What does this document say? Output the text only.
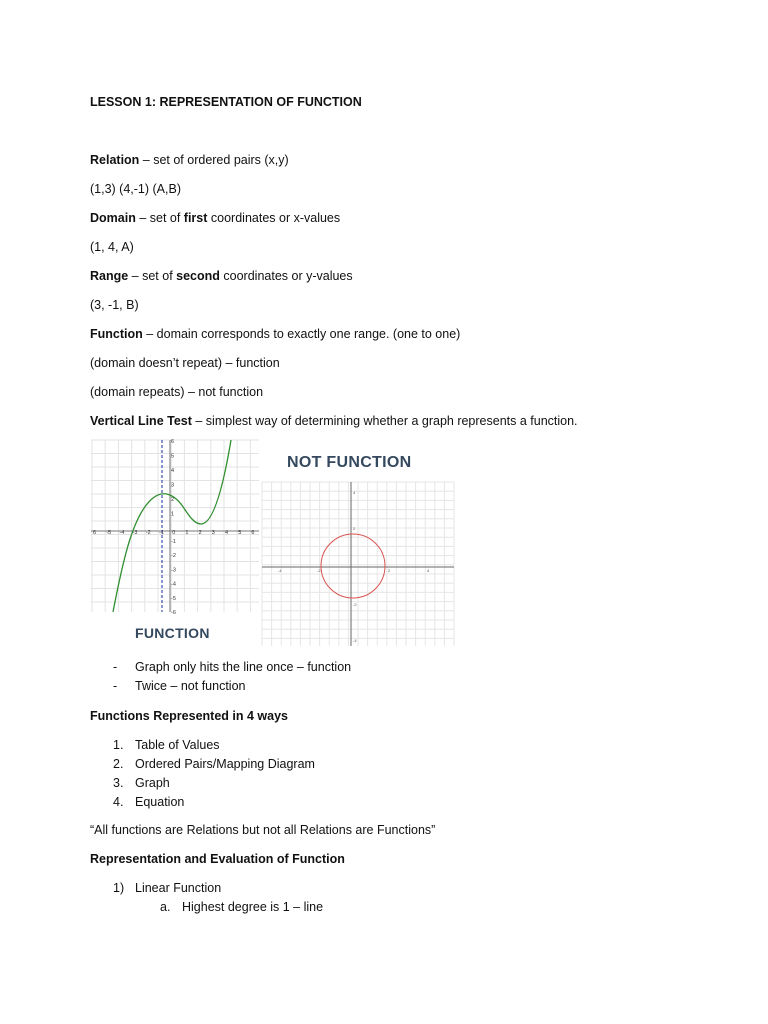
LESSON 1: REPRESENTATION OF FUNCTION
Relation – set of ordered pairs (x,y)
(1,3) (4,-1) (A,B)
Domain – set of first coordinates or x-values
(1, 4, A)
Range – set of second coordinates or y-values
(3, -1, B)
Function – domain corresponds to exactly one range. (one to one)
(domain doesn’t repeat) – function
(domain repeats) – not function
Vertical Line Test – simplest way of determining whether a graph represents a function.
6 -5 -4 -3 -2 -1 0 1 2 3 4 5 6
6
5
4
3
2
1
-1
-2
-3
-4
-5
-6
FUNCTION
NOT FUNCTION
-4	-2	2	4
4
2
-2
-4
-	Graph only hits the line once – function
-	Twice – not function
Functions Represented in 4 ways
1. Table of Values
2. Ordered Pairs/Mapping Diagram
3. Graph
4. Equation
“All functions are Relations but not all Relations are Functions”
Representation and Evaluation of Function
1) Linear Function
a. Highest degree is 1 – line
